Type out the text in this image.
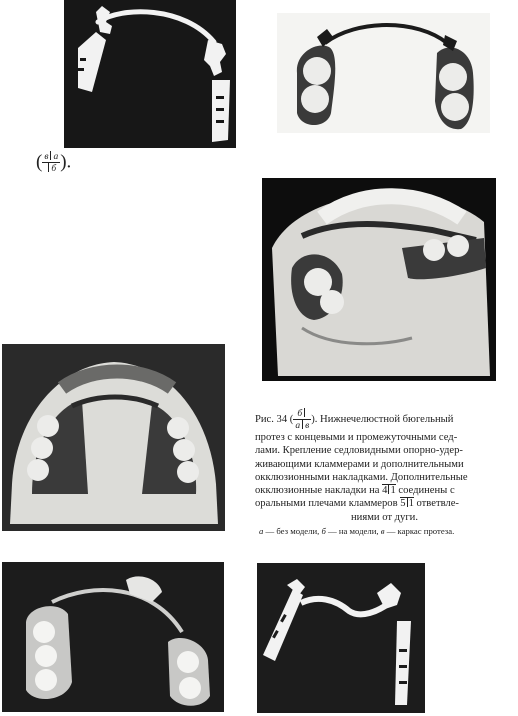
( $\frac{\text{в а}}{б}$ ).
Рис. 34 ( $\frac{б}{\text{а в}}$ ). Нижнечелюстной бюгельный
протез с концевыми и промежуточными сед-
лами. Крепление седловидными опорно-удер-
живающими кламмерами и дополнительными
окклюзионными накладками. Дополнительные
окклюзионные накладки на 4 1 соединены с
оральными плечами кламмеров 5 1 ответвле-
ниями от дуги.
а — без модели, б — на модели, в — каркас протеза.
